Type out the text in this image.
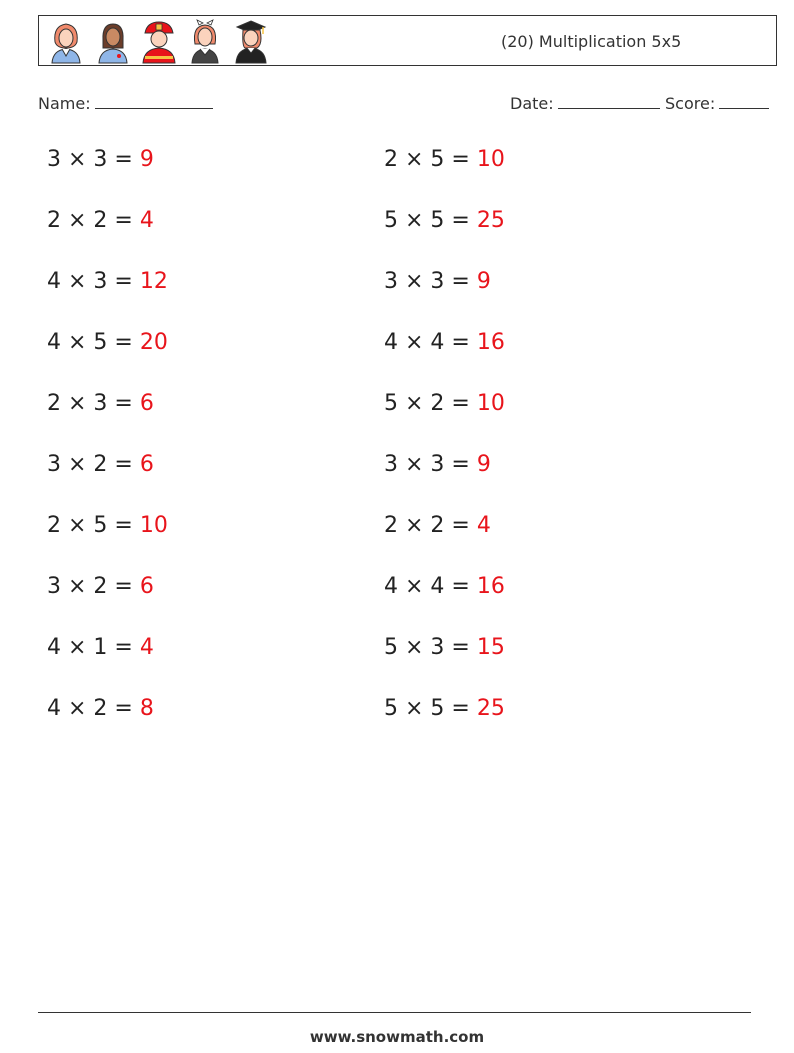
(20) Multiplication 5x5
Name:	Date:	Score:
3 × 3 = 9
2 × 2 = 4
4 × 3 = 12
4 × 5 = 20
2 × 3 = 6
3 × 2 = 6
2 × 5 = 10
3 × 2 = 6
4 × 1 = 4
4 × 2 = 8
2 × 5 = 10
5 × 5 = 25
3 × 3 = 9
4 × 4 = 16
5 × 2 = 10
3 × 3 = 9
2 × 2 = 4
4 × 4 = 16
5 × 3 = 15
5 × 5 = 25
www.snowmath.com
